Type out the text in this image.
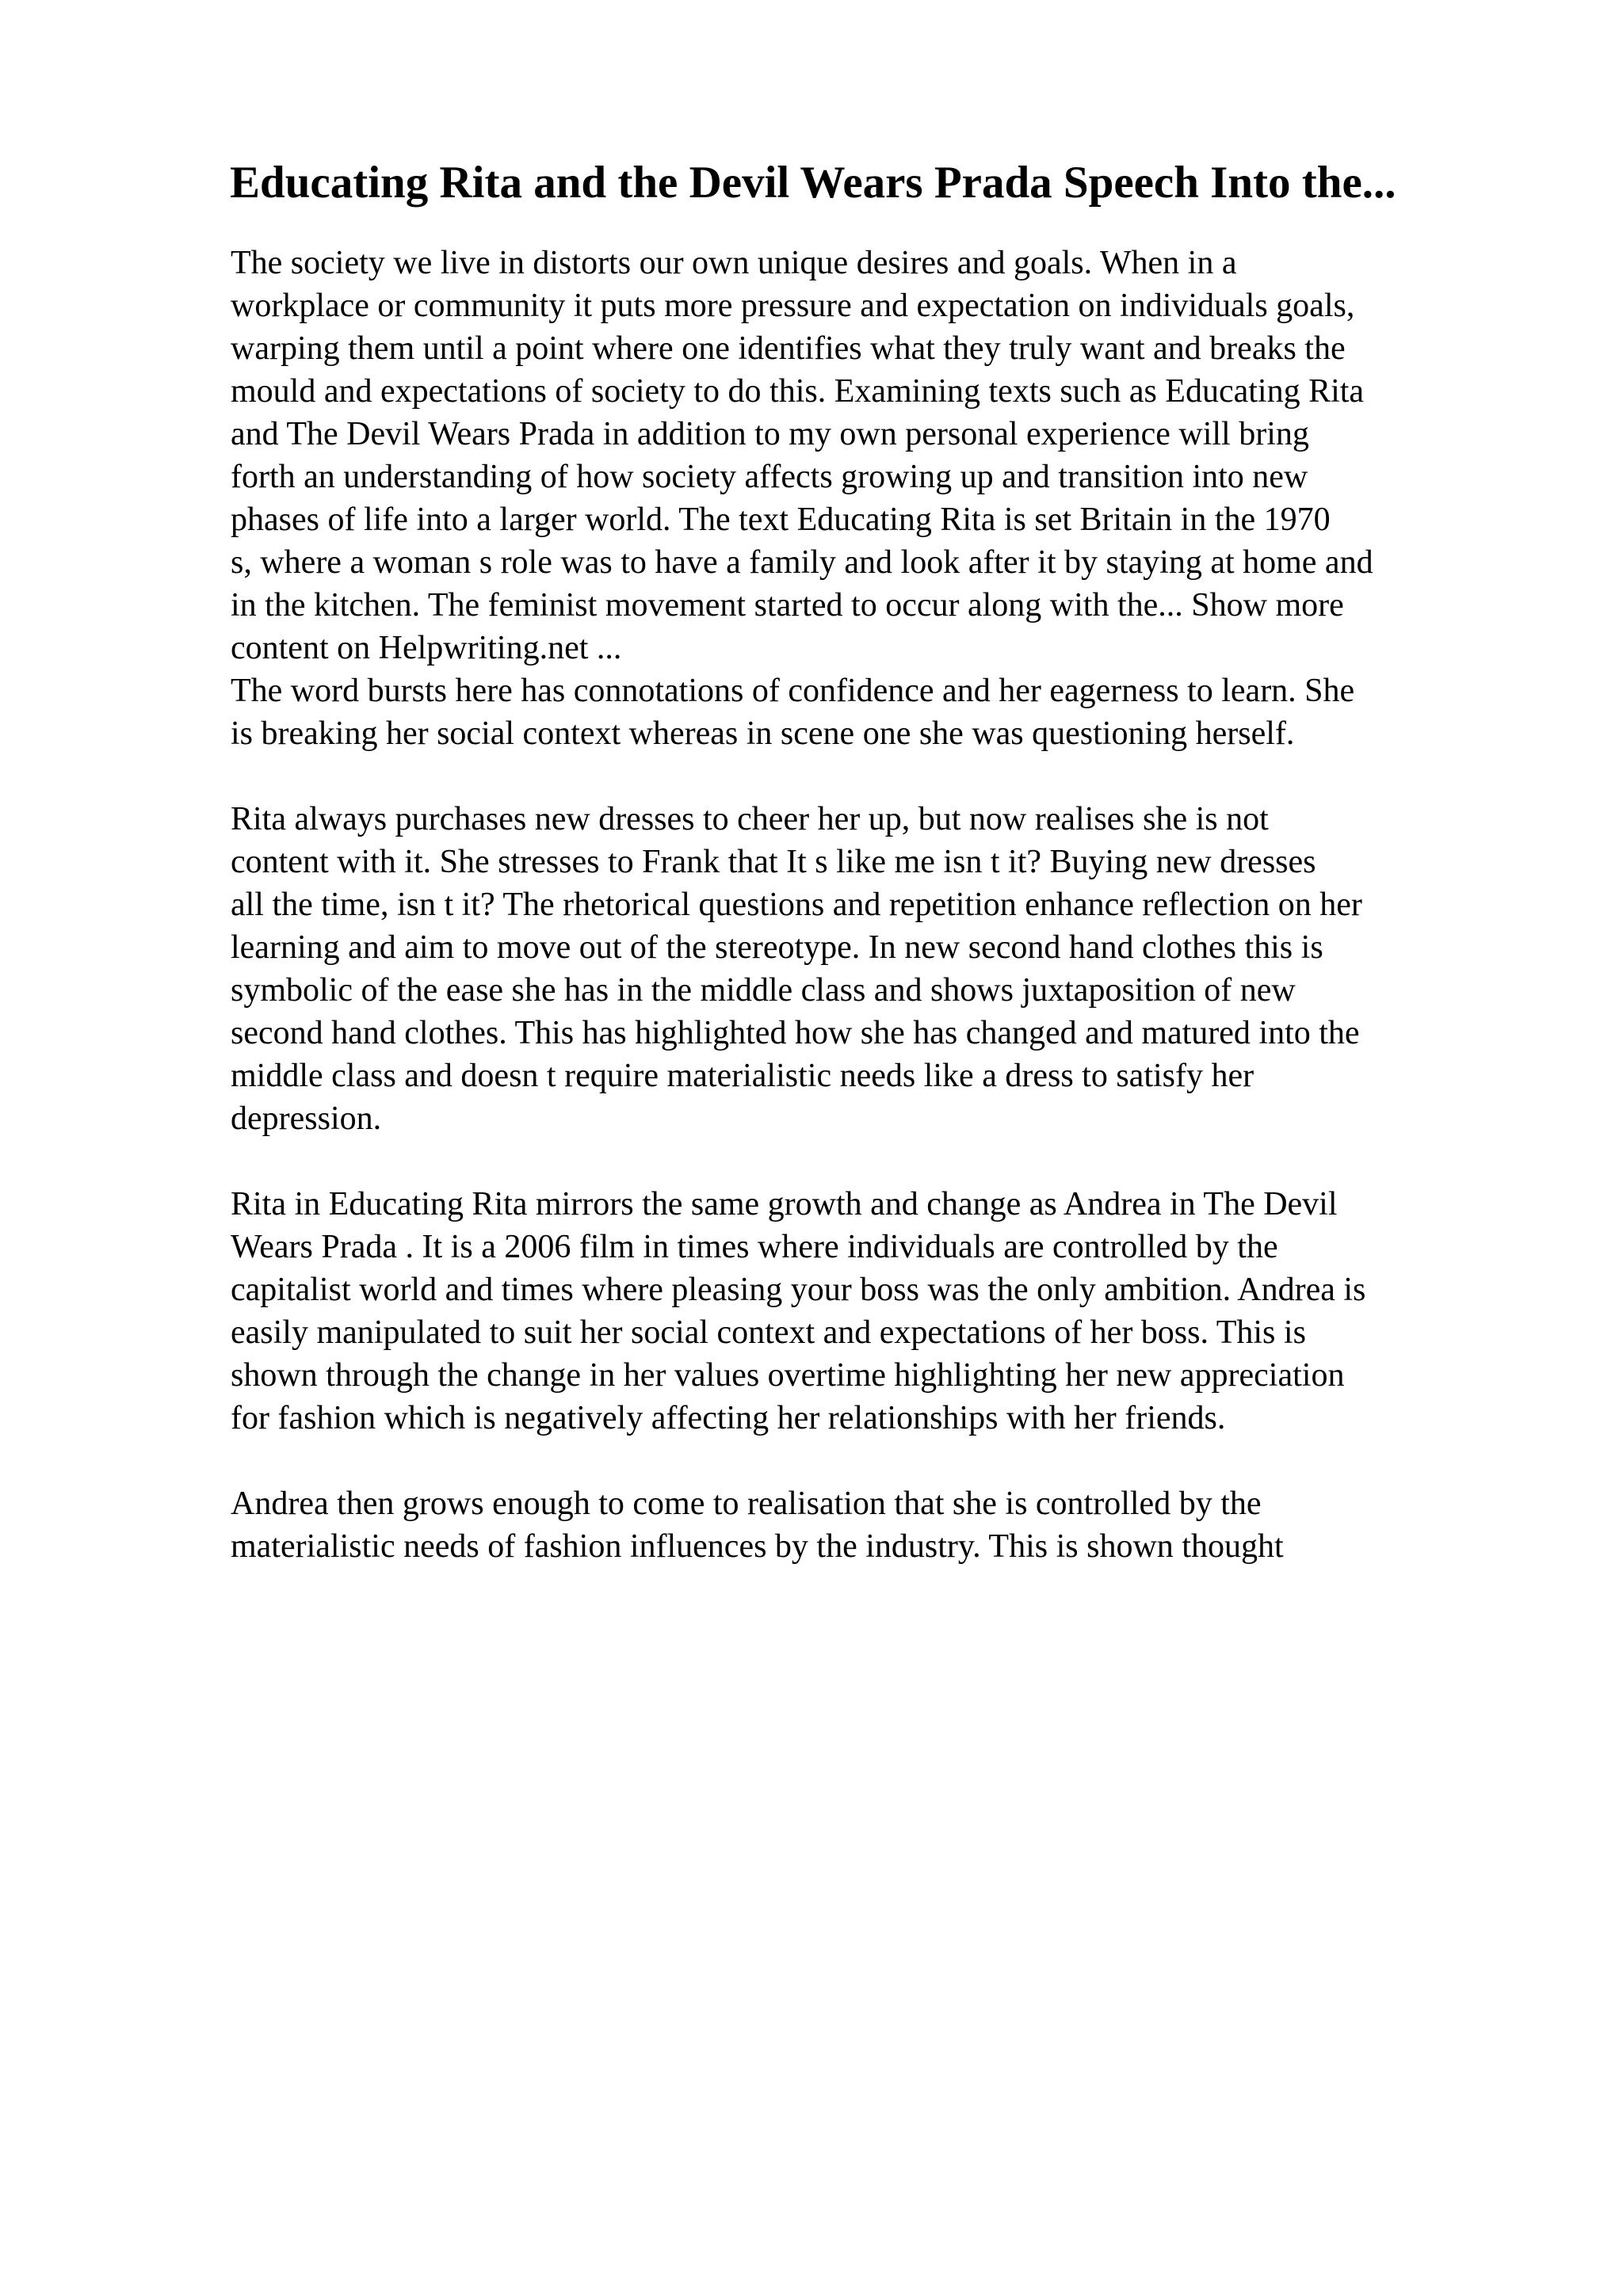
Educating Rita and the Devil Wears Prada Speech Into the...
The society we live in distorts our own unique desires and goals. When in a
workplace or community it puts more pressure and expectation on individuals goals,
warping them until a point where one identifies what they truly want and breaks the
mould and expectations of society to do this. Examining texts such as Educating Rita
and The Devil Wears Prada in addition to my own personal experience will bring
forth an understanding of how society affects growing up and transition into new
phases of life into a larger world. The text Educating Rita is set Britain in the 1970
s, where a woman s role was to have a family and look after it by staying at home and
in the kitchen. The feminist movement started to occur along with the... Show more
content on Helpwriting.net ...
The word bursts here has connotations of confidence and her eagerness to learn. She
is breaking her social context whereas in scene one she was questioning herself.
Rita always purchases new dresses to cheer her up, but now realises she is not
content with it. She stresses to Frank that It s like me isn t it? Buying new dresses
all the time, isn t it? The rhetorical questions and repetition enhance reflection on her
learning and aim to move out of the stereotype. In new second hand clothes this is
symbolic of the ease she has in the middle class and shows juxtaposition of new
second hand clothes. This has highlighted how she has changed and matured into the
middle class and doesn t require materialistic needs like a dress to satisfy her
depression.
Rita in Educating Rita mirrors the same growth and change as Andrea in The Devil
Wears Prada . It is a 2006 film in times where individuals are controlled by the
capitalist world and times where pleasing your boss was the only ambition. Andrea is
easily manipulated to suit her social context and expectations of her boss. This is
shown through the change in her values overtime highlighting her new appreciation
for fashion which is negatively affecting her relationships with her friends.
Andrea then grows enough to come to realisation that she is controlled by the
materialistic needs of fashion influences by the industry. This is shown thought
